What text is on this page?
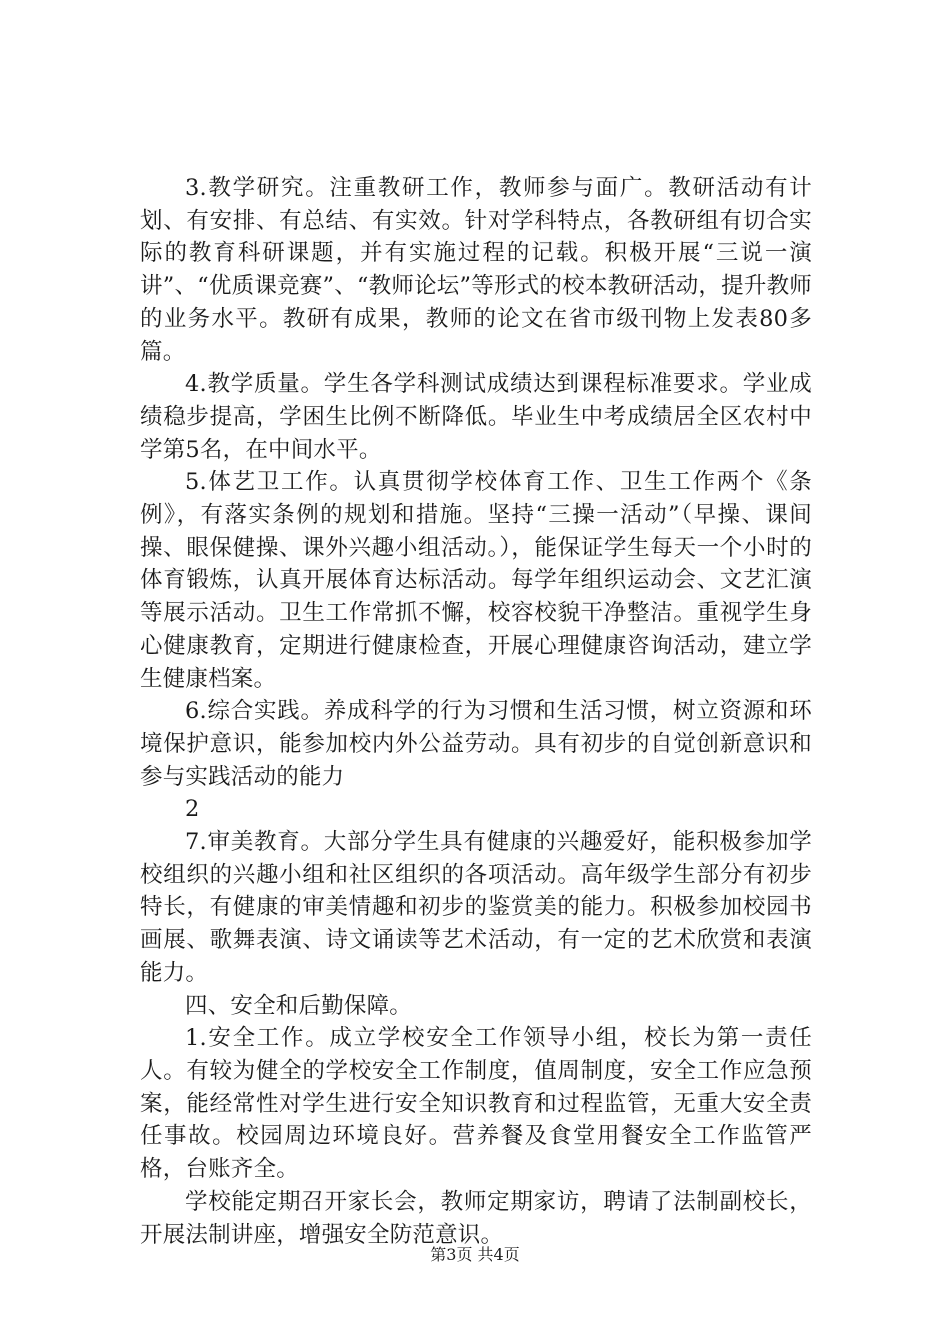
3.教学研究。注重教研工作，教师参与面广。教研活动有计划、有安排、有总结、有实效。针对学科特点，各教研组有切合实际的教育科研课题，并有实施过程的记载。积极开展“三说一演讲”、“优质课竞赛”、“教师论坛”等形式的校本教研活动，提升教师的业务水平。教研有成果，教师的论文在省市级刊物上发表80多篇。

4.教学质量。学生各学科测试成绩达到课程标准要求。学业成绩稳步提高，学困生比例不断降低。毕业生中考成绩居全区农村中学第5名，在中间水平。

5.体艺卫工作。认真贯彻学校体育工作、卫生工作两个《条例》，有落实条例的规划和措施。坚持“三操一活动”（早操、课间操、眼保健操、课外兴趣小组活动。），能保证学生每天一个小时的体育锻炼，认真开展体育达标活动。每学年组织运动会、文艺汇演等展示活动。卫生工作常抓不懈，校容校貌干净整洁。重视学生身心健康教育，定期进行健康检查，开展心理健康咨询活动，建立学生健康档案。

6.综合实践。养成科学的行为习惯和生活习惯，树立资源和环境保护意识，能参加校内外公益劳动。具有初步的自觉创新意识和参与实践活动的能力

2

7.审美教育。大部分学生具有健康的兴趣爱好，能积极参加学校组织的兴趣小组和社区组织的各项活动。高年级学生部分有初步特长，有健康的审美情趣和初步的鉴赏美的能力。积极参加校园书画展、歌舞表演、诗文诵读等艺术活动，有一定的艺术欣赏和表演能力。

四、安全和后勤保障。

1.安全工作。成立学校安全工作领导小组，校长为第一责任人。有较为健全的学校安全工作制度，值周制度，安全工作应急预案，能经常性对学生进行安全知识教育和过程监管，无重大安全责任事故。校园周边环境良好。营养餐及食堂用餐安全工作监管严格，台账齐全。

学校能定期召开家长会，教师定期家访，聘请了法制副校长，开展法制讲座，增强安全防范意识。

第3页 共4页
